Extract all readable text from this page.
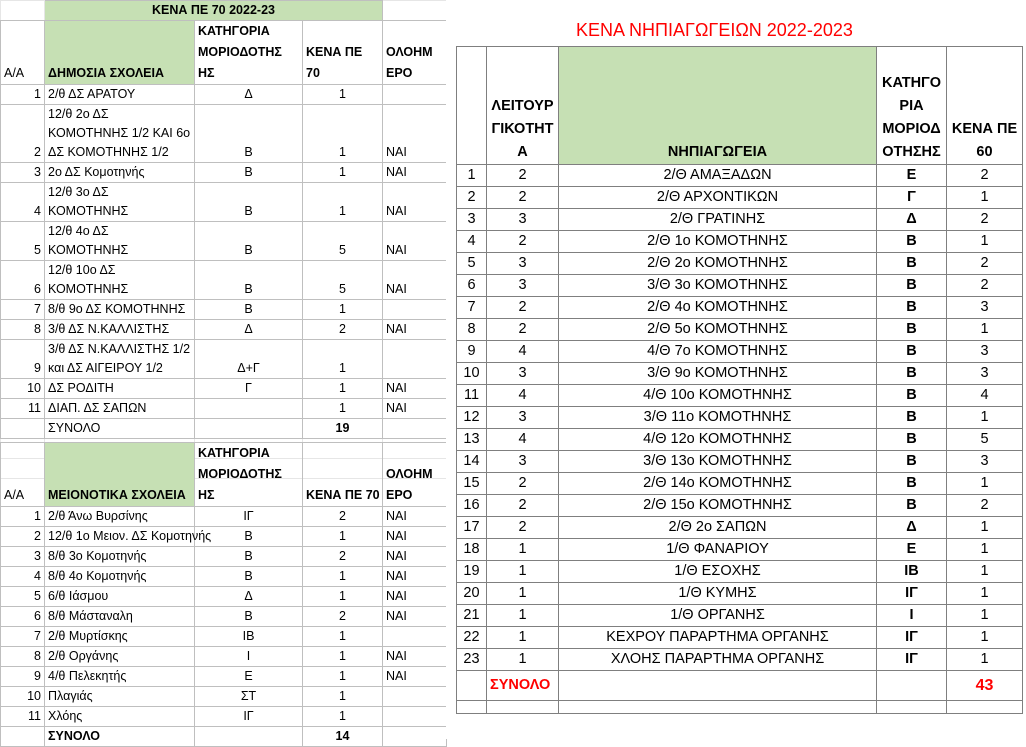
	ΚΕΝΑ ΠΕ 70 2022-23	
Α/Α	ΔΗΜΟΣΙΑ ΣΧΟΛΕΙΑ	ΚΑΤΗΓΟΡΙΑ ΜΟΡΙΟΔΟΤΗΣ ΗΣ	ΚΕΝΑ ΠΕ 70	ΟΛΟΗΜ ΕΡΟ
1	2/θ ΔΣ ΑΡΑΤΟΥ	Δ	1	
2	12/θ 2ο ΔΣ ΚΟΜΟΤΗΝΗΣ 1/2 ΚΑΙ 6ο ΔΣ ΚΟΜΟΤΗΝΗΣ 1/2	Β	1	ΝΑΙ
3	2ο ΔΣ Κομοτηνής	Β	1	ΝΑΙ
4	12/θ 3ο ΔΣ ΚΟΜΟΤΗΝΗΣ	Β	1	ΝΑΙ
5	12/θ 4ο ΔΣ ΚΟΜΟΤΗΝΗΣ	Β	5	ΝΑΙ
6	12/θ 10ο ΔΣ ΚΟΜΟΤΗΝΗΣ	Β	5	ΝΑΙ
7	8/θ 9ο ΔΣ ΚΟΜΟΤΗΝΗΣ	Β	1	
8	3/θ ΔΣ Ν.ΚΑΛΛΙΣΤΗΣ	Δ	2	ΝΑΙ
9	3/θ ΔΣ Ν.ΚΑΛΛΙΣΤΗΣ 1/2 και ΔΣ ΑΙΓΕΙΡΟΥ 1/2	Δ+Γ	1	
10	ΔΣ ΡΟΔΙΤΗ	Γ	1	ΝΑΙ
11	ΔΙΑΠ. ΔΣ ΣΑΠΩΝ		1	ΝΑΙ
	ΣΥΝΟΛΟ		19	

Α/Α	ΜΕΙΟΝΟΤΙΚΑ ΣΧΟΛΕΙΑ	ΚΑΤΗΓΟΡΙΑ ΜΟΡΙΟΔΟΤΗΣ ΗΣ	ΚΕΝΑ ΠΕ 70	ΟΛΟΗΜ ΕΡΟ
1	2/θ Άνω Βυρσίνης	ΙΓ	2	ΝΑΙ
2	12/θ 1ο Μειον. ΔΣ Κομοτηνής	Β	1	ΝΑΙ
3	8/θ 3ο Κομοτηνής	Β	2	ΝΑΙ
4	8/θ 4ο Κομοτηνής	Β	1	ΝΑΙ
5	6/θ Ιάσμου	Δ	1	ΝΑΙ
6	8/θ Μάσταναλη	Β	2	ΝΑΙ
7	2/θ Μυρτίσκης	ΙΒ	1	
8	2/θ Οργάνης	Ι	1	ΝΑΙ
9	4/θ Πελεκητής	Ε	1	ΝΑΙ
10	Πλαγιάς	ΣΤ	1	
11	Χλόης	ΙΓ	1	
	ΣΥΝΟΛΟ		14	
ΚΕΝΑ ΝΗΠΙΑΓΩΓΕΙΩΝ 2022-2023
	ΛΕΙΤΟΥΡ ΓΙΚΟΤΗΤ Α	ΝΗΠΙΑΓΩΓΕΙΑ	ΚΑΤΗΓΟ ΡΙΑ ΜΟΡΙΟΔ ΟΤΗΣΗΣ	ΚΕΝΑ ΠΕ 60
1	2	2/Θ ΑΜΑΞΑΔΩΝ	Ε	2
2	2	2/Θ ΑΡΧΟΝΤΙΚΩΝ	Γ	1
3	3	2/Θ ΓΡΑΤΙΝΗΣ	Δ	2
4	2	2/Θ 1ο ΚΟΜΟΤΗΝΗΣ	Β	1
5	3	2/Θ 2ο ΚΟΜΟΤΗΝΗΣ	Β	2
6	3	3/Θ 3ο ΚΟΜΟΤΗΝΗΣ	Β	2
7	2	2/Θ 4ο ΚΟΜΟΤΗΝΗΣ	Β	3
8	2	2/Θ 5ο ΚΟΜΟΤΗΝΗΣ	Β	1
9	4	4/Θ 7ο ΚΟΜΟΤΗΝΗΣ	Β	3
10	3	3/Θ 9ο ΚΟΜΟΤΗΝΗΣ	Β	3
11	4	4/Θ 10ο ΚΟΜΟΤΗΝΗΣ	Β	4
12	3	3/Θ 11ο ΚΟΜΟΤΗΝΗΣ	Β	1
13	4	4/Θ 12ο ΚΟΜΟΤΗΝΗΣ	Β	5
14	3	3/Θ 13ο ΚΟΜΟΤΗΝΗΣ	Β	3
15	2	2/Θ 14ο ΚΟΜΟΤΗΝΗΣ	Β	1
16	2	2/Θ 15ο ΚΟΜΟΤΗΝΗΣ	Β	2
17	2	2/Θ 2ο ΣΑΠΩΝ	Δ	1
18	1	1/Θ ΦΑΝΑΡΙΟΥ	Ε	1
19	1	1/Θ ΕΣΟΧΗΣ	ΙΒ	1
20	1	1/Θ ΚΥΜΗΣ	ΙΓ	1
21	1	1/Θ ΟΡΓΑΝΗΣ	Ι	1
22	1	ΚΕΧΡΟΥ ΠΑΡΑΡΤΗΜΑ ΟΡΓΑΝΗΣ	ΙΓ	1
23	1	ΧΛΟΗΣ ΠΑΡΑΡΤΗΜΑ ΟΡΓΑΝΗΣ	ΙΓ	1
	ΣΥΝΟΛΟ			43
